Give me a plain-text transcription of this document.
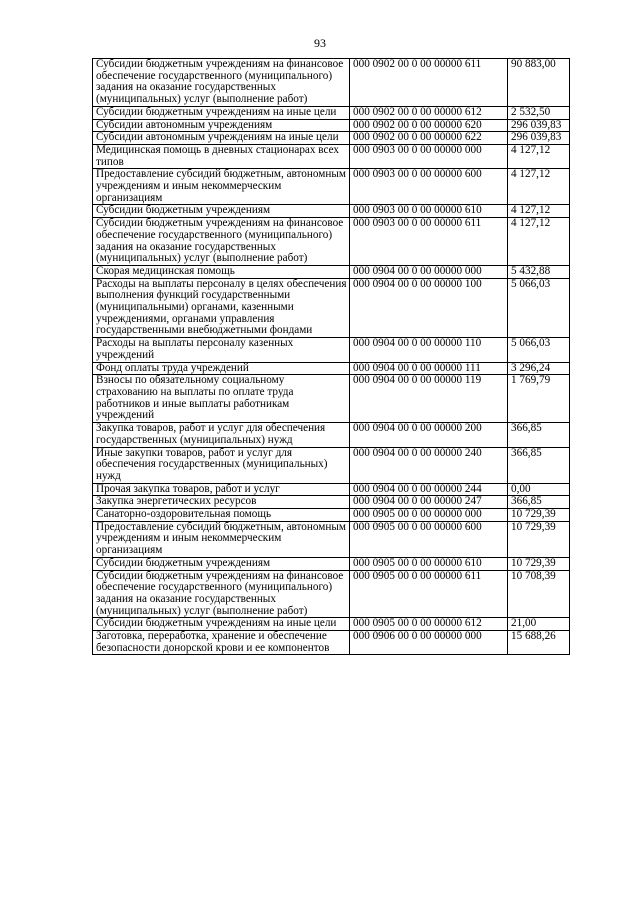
93
Субсидии бюджетным учреждениям на финансовое обеспечение государственного (муниципального) задания на оказание государственных (муниципальных) услуг (выполнение работ)	000 0902 00 0 00 00000 611	90 883,00
Субсидии бюджетным учреждениям на иные цели	000 0902 00 0 00 00000 612	2 532,50
Субсидии автономным учреждениям	000 0902 00 0 00 00000 620	296 039,83
Субсидии автономным учреждениям на иные цели	000 0902 00 0 00 00000 622	296 039,83
Медицинская помощь в дневных стационарах всех типов	000 0903 00 0 00 00000 000	4 127,12
Предоставление субсидий бюджетным, автономным учреждениям и иным некоммерческим организациям	000 0903 00 0 00 00000 600	4 127,12
Субсидии бюджетным учреждениям	000 0903 00 0 00 00000 610	4 127,12
Субсидии бюджетным учреждениям на финансовое обеспечение государственного (муниципального) задания на оказание государственных (муниципальных) услуг (выполнение работ)	000 0903 00 0 00 00000 611	4 127,12
Скорая медицинская помощь	000 0904 00 0 00 00000 000	5 432,88
Расходы на выплаты персоналу в целях обеспечения выполнения функций государственными (муниципальными) органами, казенными учреждениями, органами управления государственными внебюджетными фондами	000 0904 00 0 00 00000 100	5 066,03
Расходы на выплаты персоналу казенных учреждений	000 0904 00 0 00 00000 110	5 066,03
Фонд оплаты труда учреждений	000 0904 00 0 00 00000 111	3 296,24
Взносы по обязательному социальному страхованию на выплаты по оплате труда работников и иные выплаты работникам учреждений	000 0904 00 0 00 00000 119	1 769,79
Закупка товаров, работ и услуг для обеспечения государственных (муниципальных) нужд	000 0904 00 0 00 00000 200	366,85
Иные закупки товаров, работ и услуг для обеспечения государственных (муниципальных) нужд	000 0904 00 0 00 00000 240	366,85
Прочая закупка товаров, работ и услуг	000 0904 00 0 00 00000 244	0,00
Закупка энергетических ресурсов	000 0904 00 0 00 00000 247	366,85
Санаторно-оздоровительная помощь	000 0905 00 0 00 00000 000	10 729,39
Предоставление субсидий бюджетным, автономным учреждениям и иным некоммерческим организациям	000 0905 00 0 00 00000 600	10 729,39
Субсидии бюджетным учреждениям	000 0905 00 0 00 00000 610	10 729,39
Субсидии бюджетным учреждениям на финансовое обеспечение государственного (муниципального) задания на оказание государственных (муниципальных) услуг (выполнение работ)	000 0905 00 0 00 00000 611	10 708,39
Субсидии бюджетным учреждениям на иные цели	000 0905 00 0 00 00000 612	21,00
Заготовка, переработка, хранение и обеспечение безопасности донорской крови и ее компонентов	000 0906 00 0 00 00000 000	15 688,26
